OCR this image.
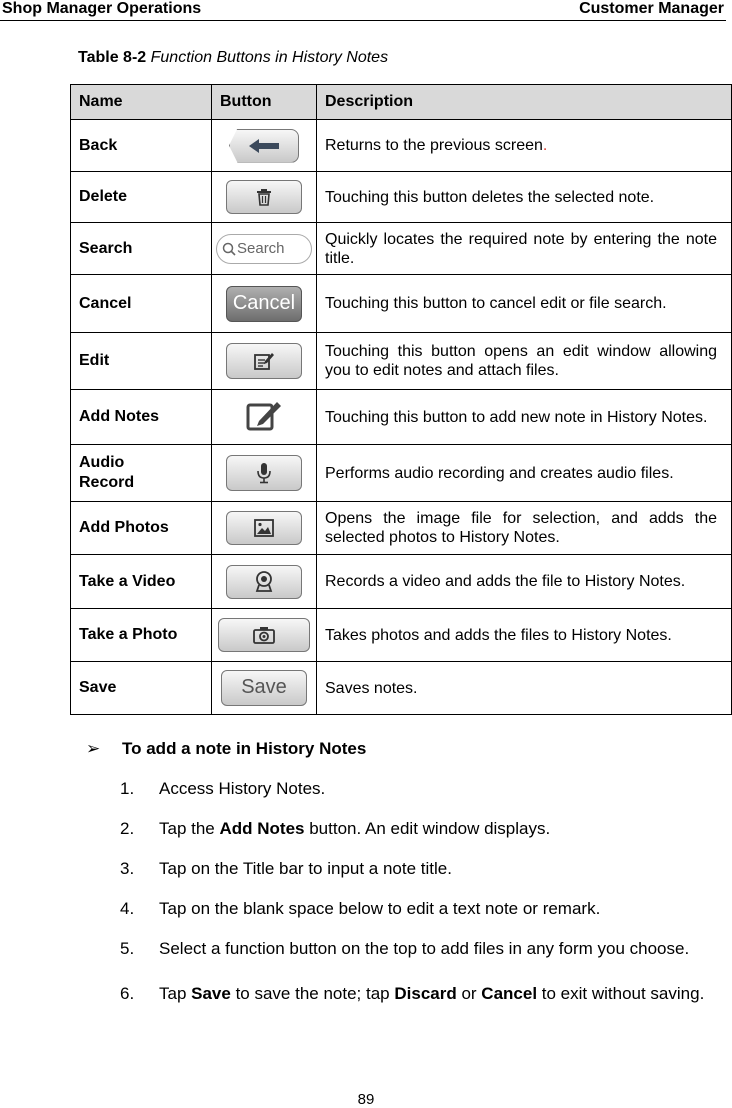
Shop Manager Operations	Customer Manager
Table 8-2 Function Buttons in History Notes
Name	Button	Description
Back		Returns to the previous screen.
Delete		Touching this button deletes the selected note.
Search	Search	Quickly locates the required note by entering the note title.
Cancel	Cancel	Touching this button to cancel edit or file search.
Edit		Touching this button opens an edit window allowing you to edit notes and attach files.
Add Notes		Touching this button to add new note in History Notes.
Audio Record		Performs audio recording and creates audio files.
Add Photos		Opens the image file for selection, and adds the selected photos to History Notes.
Take a Video		Records a video and adds the file to History Notes.
Take a Photo		Takes photos and adds the files to History Notes.
Save	Save	Saves notes.
➢ To add a note in History Notes
1. Access History Notes.
2. Tap the Add Notes button. An edit window displays.
3. Tap on the Title bar to input a note title.
4. Tap on the blank space below to edit a text note or remark.
5. Select a function button on the top to add files in any form you choose.
6. Tap Save to save the note; tap Discard or Cancel to exit without saving.
89
